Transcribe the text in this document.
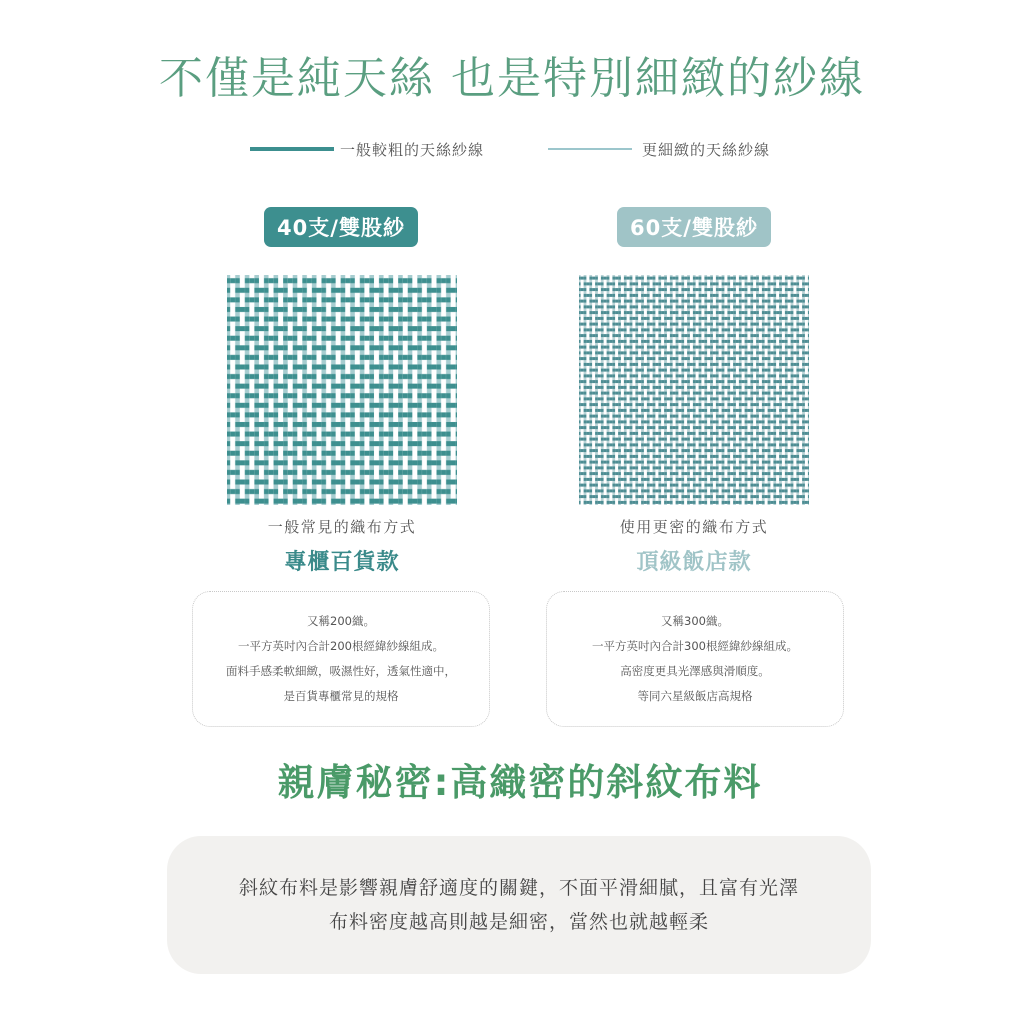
不僅是純天絲 也是特別細緻的紗線
一般較粗的天絲紗線	更細緻的天絲紗線
40支/雙股紗	60支/雙股紗
一般常見的織布方式	使用更密的織布方式
專櫃百貨款	頂級飯店款

又稱200織。

一平方英吋內合計200根經緯紗線組成。

面料手感柔軟細緻，吸濕性好，透氣性適中，

是百貨專櫃常見的規格

又稱300織。

一平方英吋內合計300根經緯紗線組成。

高密度更具光澤感與滑順度。

等同六星級飯店高規格

親膚秘密:高織密的斜紋布料

斜紋布料是影響親膚舒適度的關鍵，不面平滑細膩，且富有光澤

布料密度越高則越是細密，當然也就越輕柔
